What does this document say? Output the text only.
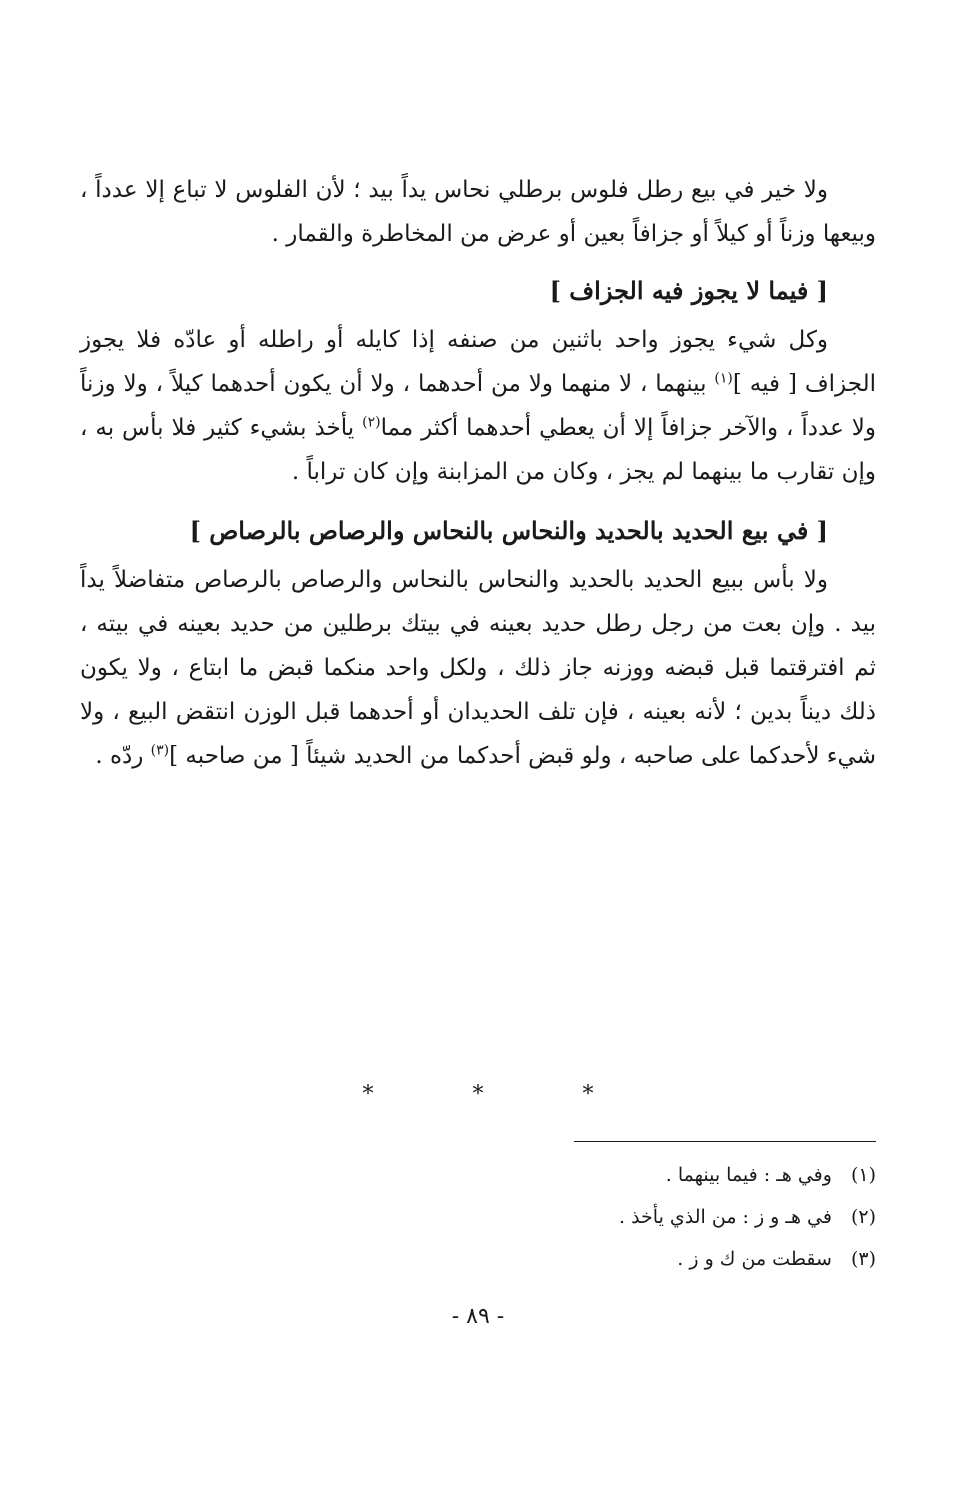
ولا خير في بيع رطل فلوس برطلي نحاس يداً بيد ؛ لأن الفلوس لا تباع إلا عدداً ، وبيعها وزناً أو كيلاً أو جزافاً بعين أو عرض من المخاطرة والقمار .

[ فيما لا يجوز فيه الجزاف ]

وكل شيء يجوز واحد باثنين من صنفه إذا كايله أو راطله أو عادّه فلا يجوز الجزاف [ فيه ]$^{(١)}$ بينهما ، لا منهما ولا من أحدهما ، ولا أن يكون أحدهما كيلاً ، ولا وزناً ولا عدداً ، والآخر جزافاً إلا أن يعطي أحدهما أكثر مما$^{(٢)}$ يأخذ بشيء كثير فلا بأس به ، وإن تقارب ما بينهما لم يجز ، وكان من المزابنة وإن كان تراباً .

[ في بيع الحديد بالحديد والنحاس بالنحاس والرصاص بالرصاص ]

ولا بأس ببيع الحديد بالحديد والنحاس بالنحاس والرصاص بالرصاص متفاضلاً يداً بيد . وإن بعت من رجل رطل حديد بعينه في بيتك برطلين من حديد بعينه في بيته ، ثم افترقتما قبل قبضه ووزنه جاز ذلك ، ولكل واحد منكما قبض ما ابتاع ، ولا يكون ذلك ديناً بدين ؛ لأنه بعينه ، فإن تلف الحديدان أو أحدهما قبل الوزن انتقض البيع ، ولا شيء لأحدكما على صاحبه ، ولو قبض أحدكما من الحديد شيئاً [ من صاحبه ]$^{(٣)}$ ردّه .

* * *

(١) وفي هـ : فيما بينهما .

(٢) في هـ و ز : من الذي يأخذ .

(٣) سقطت من ك و ز .

- ٨٩ -
